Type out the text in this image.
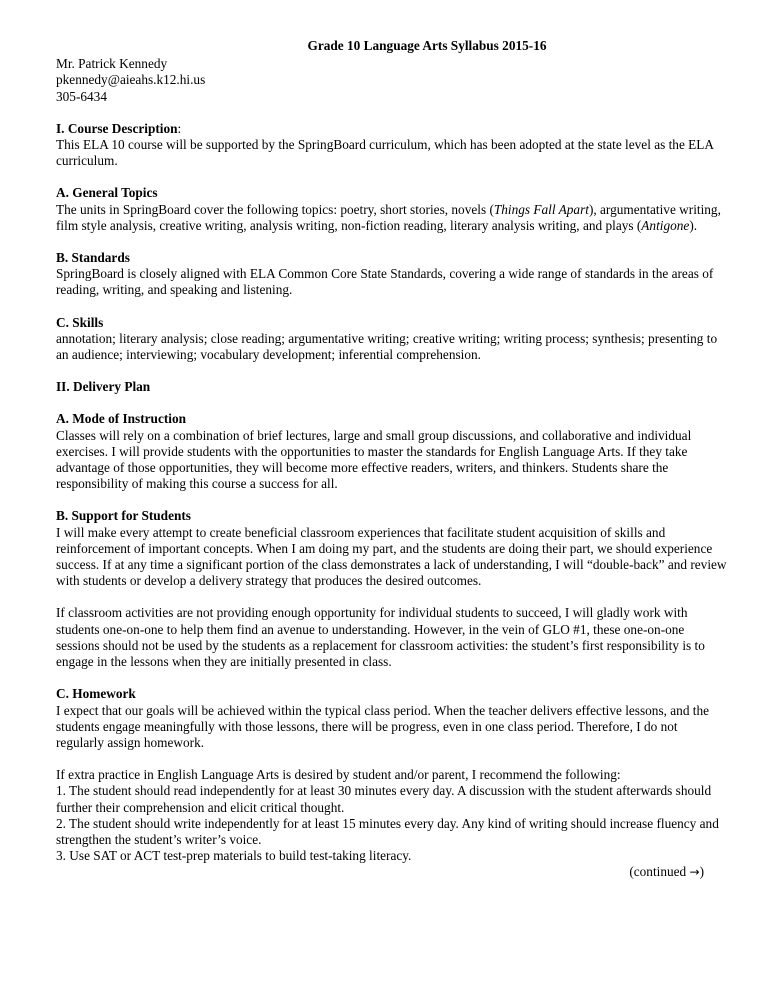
Grade 10 Language Arts Syllabus 2015-16

Mr. Patrick Kennedy

pkennedy@aieahs.k12.hi.us

305-6434

I. Course Description:

This ELA 10 course will be supported by the SpringBoard curriculum, which has been adopted at the state level as the ELA curriculum.

A. General Topics

The units in SpringBoard cover the following topics: poetry, short stories, novels (Things Fall Apart), argumentative writing, film style analysis, creative writing, analysis writing, non-fiction reading, literary analysis writing, and plays (Antigone).

B. Standards

SpringBoard is closely aligned with ELA Common Core State Standards, covering a wide range of standards in the areas of reading, writing, and speaking and listening.

C. Skills

annotation; literary analysis; close reading; argumentative writing; creative writing; writing process; synthesis; presenting to an audience; interviewing; vocabulary development; inferential comprehension.

II. Delivery Plan

A. Mode of Instruction

Classes will rely on a combination of brief lectures, large and small group discussions, and collaborative and individual exercises. I will provide students with the opportunities to master the standards for English Language Arts. If they take advantage of those opportunities, they will become more effective readers, writers, and thinkers. Students share the responsibility of making this course a success for all.

B. Support for Students

I will make every attempt to create beneficial classroom experiences that facilitate student acquisition of skills and reinforcement of important concepts. When I am doing my part, and the students are doing their part, we should experience success. If at any time a significant portion of the class demonstrates a lack of understanding, I will “double-back” and review with students or develop a delivery strategy that produces the desired outcomes.

If classroom activities are not providing enough opportunity for individual students to succeed, I will gladly work with students one-on-one to help them find an avenue to understanding. However, in the vein of GLO #1, these one-on-one sessions should not be used by the students as a replacement for classroom activities: the student’s first responsibility is to engage in the lessons when they are initially presented in class.

C. Homework

I expect that our goals will be achieved within the typical class period. When the teacher delivers effective lessons, and the students engage meaningfully with those lessons, there will be progress, even in one class period. Therefore, I do not regularly assign homework.

If extra practice in English Language Arts is desired by student and/or parent, I recommend the following:

1. The student should read independently for at least 30 minutes every day. A discussion with the student afterwards should further their comprehension and elicit critical thought.

2. The student should write independently for at least 15 minutes every day. Any kind of writing should increase fluency and strengthen the student’s writer’s voice.

3. Use SAT or ACT test-prep materials to build test-taking literacy.

(continued →)
